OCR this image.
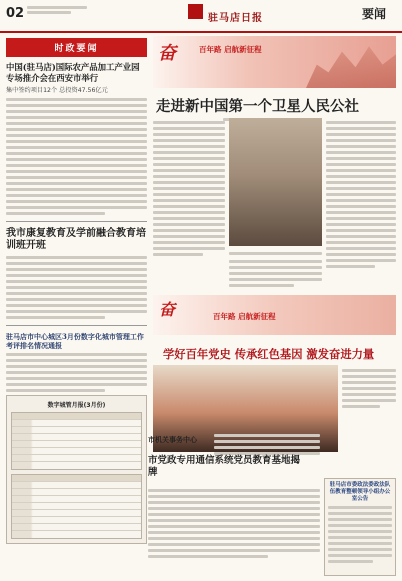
02	驻马店日报	要闻
时政要闻
中国(驻马店)国际农产品加工产业园专场推介会在西安市举行
集中签约项目12个 总投资47.56亿元
我市康复教育及学前融合教育培训班开班
驻马店市中心城区3月份数字化城市管理工作考评排名情况通报
数字城管月报(3月份)
奋	百年路 启航新征程
走进新中国第一个卫星人民公社
奋	百年路 启航新征程
学好百年党史 传承红色基因 激发奋进力量
市机关事务中心
市党政专用通信系统党员教育基地揭牌
驻马店市委政法委政法队伍教育整顿领导小组办公室公告
